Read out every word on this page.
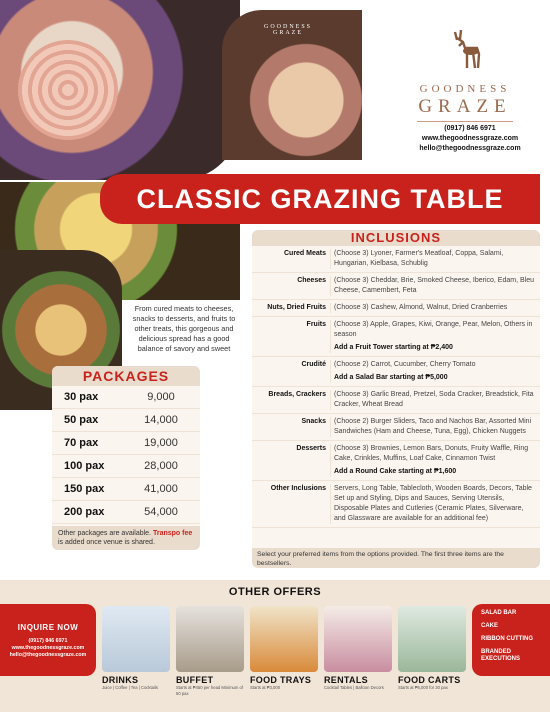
GOODNESS GRAZE
GOODNESS
GRAZE
(0917) 846 6971
www.thegoodnessgraze.com
hello@thegoodnessgraze.com
CLASSIC GRAZING TABLE
From cured meats to cheeses, snacks to desserts, and fruits to other treats, this gorgeous and delicious spread has a good balance of savory and sweet
PACKAGES
30 pax	9,000
50 pax	14,000
70 pax	19,000
100 pax	28,000
150 pax	41,000
200 pax	54,000
Other packages are available. Transpo fee is added once venue is shared.
INCLUSIONS
Cured Meats	(Choose 3) Lyoner, Farmer's Meatloaf, Coppa, Salami, Hungarian, Kielbasa, Schublig
Cheeses	(Choose 3) Cheddar, Brie, Smoked Cheese, Iberico, Edam, Bleu Cheese, Camembert, Feta
Nuts, Dried Fruits	(Choose 3) Cashew, Almond, Walnut, Dried Cranberries
Fruits	(Choose 3) Apple, Grapes, Kiwi, Orange, Pear, Melon, Others in season
Add a Fruit Tower starting at ₱2,400
Crudité	(Choose 2) Carrot, Cucumber, Cherry Tomato
Add a Salad Bar starting at ₱5,000
Breads, Crackers	(Choose 3) Garlic Bread, Pretzel, Soda Cracker, Breadstick, Fita Cracker, Wheat Bread
Snacks	(Choose 2) Burger Sliders, Taco and Nachos Bar, Assorted Mini Sandwiches (Ham and Cheese, Tuna, Egg), Chicken Nuggets
Desserts	(Choose 3) Brownies, Lemon Bars, Donuts, Fruity Waffle, Ring Cake, Crinkles, Muffins, Loaf Cake, Cinnamon Twist
Add a Round Cake starting at ₱1,600
Other Inclusions	Servers, Long Table, Tablecloth, Wooden Boards, Decors, Table Set up and Styling, Dips and Sauces, Serving Utensils, Disposable Plates and Cutleries (Ceramic Plates, Silverware, and Glassware are available for an additional fee)
Select your preferred items from the options provided. The first three items are the bestsellers.
OTHER OFFERS
INQUIRE NOW
(0917) 846 6971
www.thegoodnessgraze.com
hello@thegoodnessgraze.com
DRINKS
Juice | Coffee | Tea | Cocktails
BUFFET
Starts at ₱450 per head Minimum of 50 pax
FOOD TRAYS
Starts at ₱3,000
RENTALS
Cocktail Tables | Balloon Decors
FOOD CARTS
Starts at ₱6,000 for 30 pax
SALAD BAR
CAKE
RIBBON CUTTING
BRANDED EXECUTIONS
